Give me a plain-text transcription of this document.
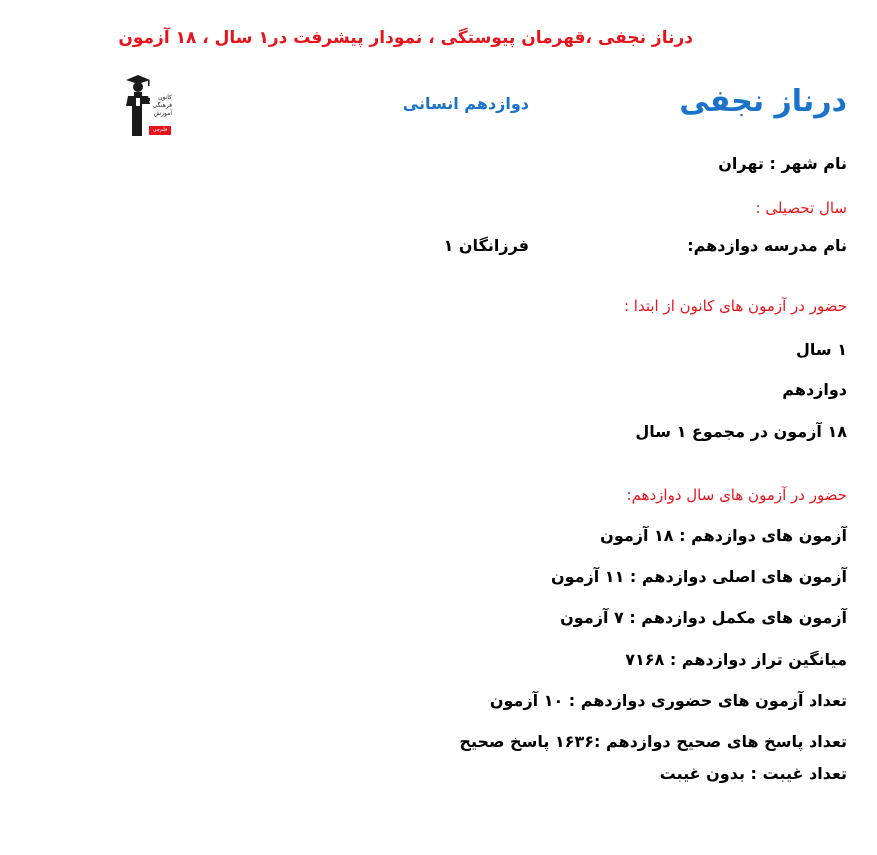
درناز نجفی ،قهرمان پیوستگی ، نمودار پیشرفت در۱ سال ، ۱۸ آزمون
درناز نجفی
دوازدهم انسانی
کانون
فرهنگی
آموزش
قلم‌چی
نام شهر : تهران
سال تحصیلی :
نام مدرسه دوازدهم:
فرزانگان ۱
حضور در آزمون های کانون از ابتدا :
۱ سال
دوازدهم
۱۸ آزمون در مجموع ۱ سال
حضور در آزمون های سال دوازدهم:
آزمون های دوازدهم : ۱۸ آزمون
آزمون های اصلی دوازدهم : ۱۱ آزمون
آزمون های مکمل دوازدهم : ۷ آزمون
میانگین تراز دوازدهم : ۷۱۶۸
تعداد آزمون های حضوری دوازدهم : ۱۰ آزمون
تعداد پاسخ های صحیح دوازدهم :۱۶۳۶ پاسخ صحیح
تعداد غیبت : بدون غیبت
